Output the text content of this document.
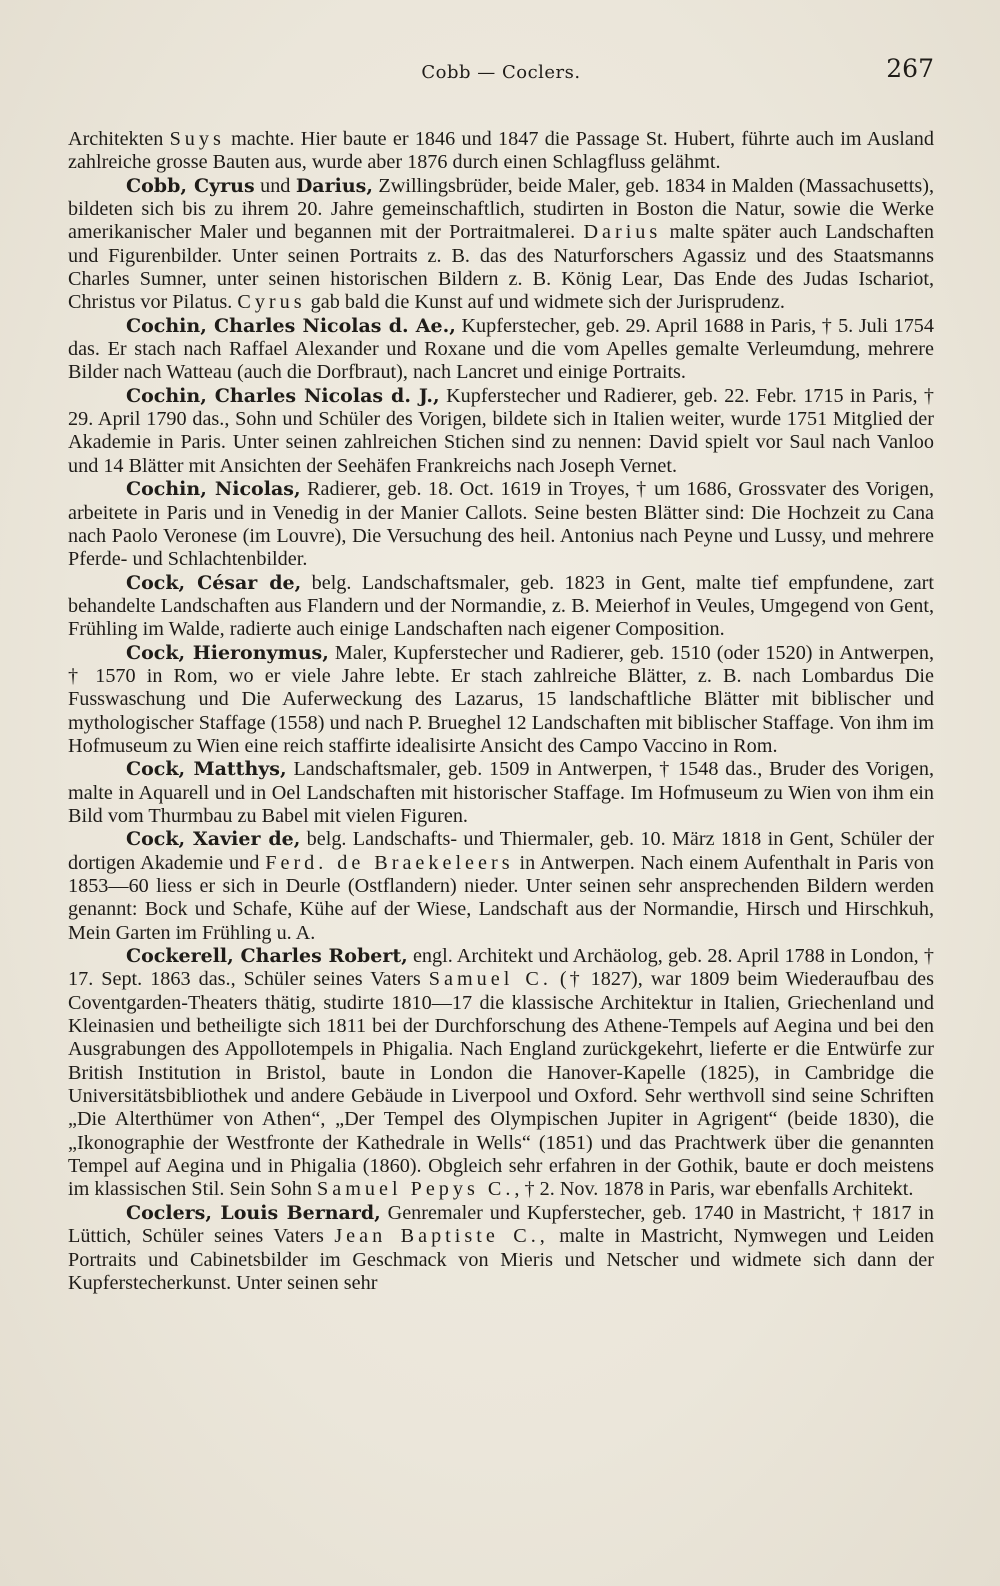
Cobb — Coclers.	267

Architekten Suys machte. Hier baute er 1846 und 1847 die Passage St. Hubert, führte auch im Ausland zahlreiche grosse Bauten aus, wurde aber 1876 durch einen Schlagfluss gelähmt.

Cobb, Cyrus und Darius, Zwillingsbrüder, beide Maler, geb. 1834 in Malden (Massachusetts), bildeten sich bis zu ihrem 20. Jahre gemeinschaftlich, studirten in Boston die Natur, sowie die Werke amerikanischer Maler und begannen mit der Portraitmalerei. Darius malte später auch Landschaften und Figurenbilder. Unter seinen Portraits z. B. das des Naturforschers Agassiz und des Staatsmanns Charles Sumner, unter seinen historischen Bildern z. B. König Lear, Das Ende des Judas Ischariot, Christus vor Pilatus. Cyrus gab bald die Kunst auf und widmete sich der Jurisprudenz.

Cochin, Charles Nicolas d. Ae., Kupferstecher, geb. 29. April 1688 in Paris, † 5. Juli 1754 das. Er stach nach Raffael Alexander und Roxane und die vom Apelles gemalte Verleumdung, mehrere Bilder nach Watteau (auch die Dorfbraut), nach Lancret und einige Portraits.

Cochin, Charles Nicolas d. J., Kupferstecher und Radierer, geb. 22. Febr. 1715 in Paris, † 29. April 1790 das., Sohn und Schüler des Vorigen, bildete sich in Italien weiter, wurde 1751 Mitglied der Akademie in Paris. Unter seinen zahlreichen Stichen sind zu nennen: David spielt vor Saul nach Vanloo und 14 Blätter mit Ansichten der Seehäfen Frankreichs nach Joseph Vernet.

Cochin, Nicolas, Radierer, geb. 18. Oct. 1619 in Troyes, † um 1686, Grossvater des Vorigen, arbeitete in Paris und in Venedig in der Manier Callots. Seine besten Blätter sind: Die Hochzeit zu Cana nach Paolo Veronese (im Louvre), Die Versuchung des heil. Antonius nach Peyne und Lussy, und mehrere Pferde- und Schlachtenbilder.

Cock, César de, belg. Landschaftsmaler, geb. 1823 in Gent, malte tief empfundene, zart behandelte Landschaften aus Flandern und der Normandie, z. B. Meierhof in Veules, Umgegend von Gent, Frühling im Walde, radierte auch einige Landschaften nach eigener Composition.

Cock, Hieronymus, Maler, Kupferstecher und Radierer, geb. 1510 (oder 1520) in Antwerpen, † 1570 in Rom, wo er viele Jahre lebte. Er stach zahlreiche Blätter, z. B. nach Lombardus Die Fusswaschung und Die Auferweckung des Lazarus, 15 landschaftliche Blätter mit biblischer und mythologischer Staffage (1558) und nach P. Brueghel 12 Landschaften mit biblischer Staffage. Von ihm im Hofmuseum zu Wien eine reich staffirte idealisirte Ansicht des Campo Vaccino in Rom.

Cock, Matthys, Landschaftsmaler, geb. 1509 in Antwerpen, † 1548 das., Bruder des Vorigen, malte in Aquarell und in Oel Landschaften mit historischer Staffage. Im Hofmuseum zu Wien von ihm ein Bild vom Thurmbau zu Babel mit vielen Figuren.

Cock, Xavier de, belg. Landschafts- und Thiermaler, geb. 10. März 1818 in Gent, Schüler der dortigen Akademie und Ferd. de Braekeleers in Antwerpen. Nach einem Aufenthalt in Paris von 1853—60 liess er sich in Deurle (Ostflandern) nieder. Unter seinen sehr ansprechenden Bildern werden genannt: Bock und Schafe, Kühe auf der Wiese, Landschaft aus der Normandie, Hirsch und Hirschkuh, Mein Garten im Frühling u. A.

Cockerell, Charles Robert, engl. Architekt und Archäolog, geb. 28. April 1788 in London, † 17. Sept. 1863 das., Schüler seines Vaters Samuel C. († 1827), war 1809 beim Wiederaufbau des Coventgarden-Theaters thätig, studirte 1810—17 die klassische Architektur in Italien, Griechenland und Kleinasien und betheiligte sich 1811 bei der Durchforschung des Athene-Tempels auf Aegina und bei den Ausgrabungen des Appollotempels in Phigalia. Nach England zurückgekehrt, lieferte er die Entwürfe zur British Institution in Bristol, baute in London die Hanover-Kapelle (1825), in Cambridge die Universitätsbibliothek und andere Gebäude in Liverpool und Oxford. Sehr werthvoll sind seine Schriften „Die Alterthümer von Athen“, „Der Tempel des Olympischen Jupiter in Agrigent“ (beide 1830), die „Ikonographie der Westfronte der Kathedrale in Wells“ (1851) und das Prachtwerk über die genannten Tempel auf Aegina und in Phigalia (1860). Obgleich sehr erfahren in der Gothik, baute er doch meistens im klassischen Stil. Sein Sohn Samuel Pepys C., † 2. Nov. 1878 in Paris, war ebenfalls Architekt.

Coclers, Louis Bernard, Genremaler und Kupferstecher, geb. 1740 in Mastricht, † 1817 in Lüttich, Schüler seines Vaters Jean Baptiste C., malte in Mastricht, Nymwegen und Leiden Portraits und Cabinetsbilder im Geschmack von Mieris und Netscher und widmete sich dann der Kupferstecherkunst. Unter seinen sehr
